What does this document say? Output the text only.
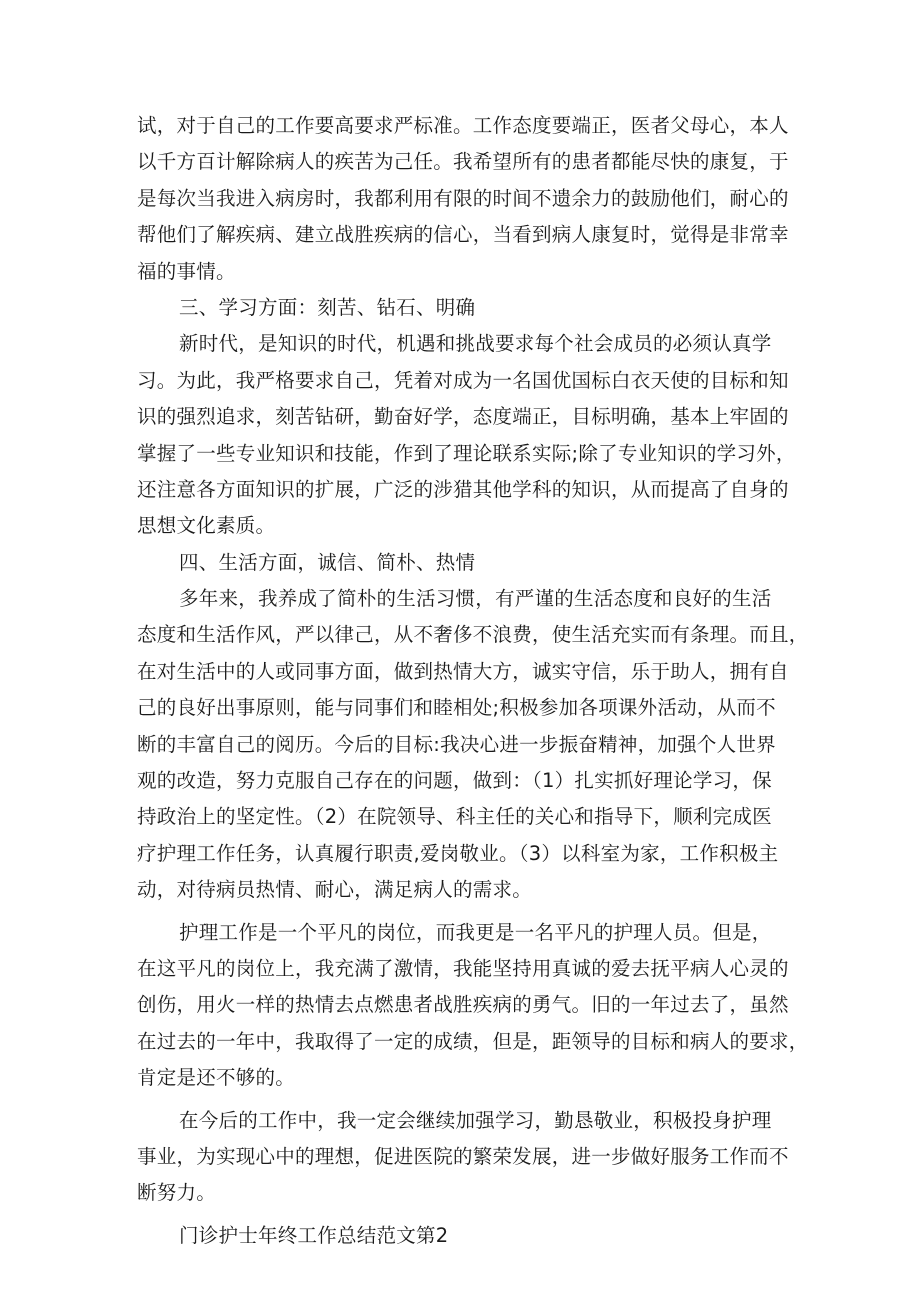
试，对于自己的工作要高要求严标准。工作态度要端正，医者父母心，本人
以千方百计解除病人的疾苦为己任。我希望所有的患者都能尽快的康复，于
是每次当我进入病房时，我都利用有限的时间不遗余力的鼓励他们，耐心的
帮他们了解疾病、建立战胜疾病的信心，当看到病人康复时，觉得是非常幸
福的事情。
三、学习方面：刻苦、钻石、明确
新时代，是知识的时代，机遇和挑战要求每个社会成员的必须认真学
习。为此，我严格要求自己，凭着对成为一名国优国标白衣天使的目标和知
识的强烈追求，刻苦钻研，勤奋好学，态度端正，目标明确，基本上牢固的
掌握了一些专业知识和技能，作到了理论联系实际;除了专业知识的学习外，
还注意各方面知识的扩展，广泛的涉猎其他学科的知识，从而提高了自身的
思想文化素质。
四、生活方面，诚信、简朴、热情
多年来，我养成了简朴的生活习惯，有严谨的生活态度和良好的生活
态度和生活作风，严以律己，从不奢侈不浪费，使生活充实而有条理。而且，
在对生活中的人或同事方面，做到热情大方，诚实守信，乐于助人，拥有自
己的良好出事原则，能与同事们和睦相处;积极参加各项课外活动，从而不
断的丰富自己的阅历。今后的目标:我决心进一步振奋精神，加强个人世界
观的改造，努力克服自己存在的问题，做到：（1）扎实抓好理论学习，保
持政治上的坚定性。（2）在院领导、科主任的关心和指导下，顺利完成医
疗护理工作任务，认真履行职责,爱岗敬业。（3）以科室为家，工作积极主
动，对待病员热情、耐心，满足病人的需求。
护理工作是一个平凡的岗位，而我更是一名平凡的护理人员。但是，
在这平凡的岗位上，我充满了激情，我能坚持用真诚的爱去抚平病人心灵的
创伤，用火一样的热情去点燃患者战胜疾病的勇气。旧的一年过去了，虽然
在过去的一年中，我取得了一定的成绩，但是，距领导的目标和病人的要求，
肯定是还不够的。
在今后的工作中，我一定会继续加强学习，勤恳敬业，积极投身护理
事业，为实现心中的理想，促进医院的繁荣发展，进一步做好服务工作而不
断努力。
门诊护士年终工作总结范文第2
